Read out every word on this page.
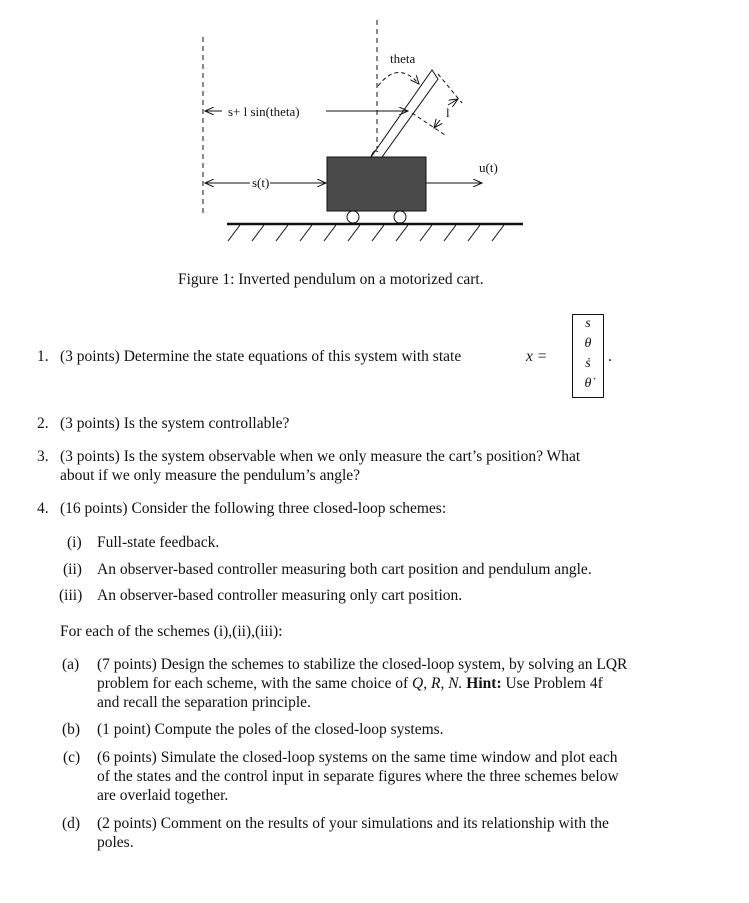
l
theta
s+ l sin(theta)
s(t)
u(t)
Figure 1: Inverted pendulum on a motorized cart.
1. (3 points) Determine the state equations of this system with state	x =
s
θ
ṡ
θ̇
.
2. (3 points) Is the system controllable?
3. (3 points) Is the system observable when we only measure the cart’s position? What
about if we only measure the pendulum’s angle?
4. (16 points) Consider the following three closed-loop schemes:
(i) Full-state feedback.
(ii) An observer-based controller measuring both cart position and pendulum angle.
(iii) An observer-based controller measuring only cart position.
For each of the schemes (i),(ii),(iii):
(a) (7 points) Design the schemes to stabilize the closed-loop system, by solving an LQR
problem for each scheme, with the same choice of Q, R, N. Hint: Use Problem 4f
and recall the separation principle.
(b) (1 point) Compute the poles of the closed-loop systems.
(c) (6 points) Simulate the closed-loop systems on the same time window and plot each
of the states and the control input in separate figures where the three schemes below
are overlaid together.
(d) (2 points) Comment on the results of your simulations and its relationship with the
poles.
